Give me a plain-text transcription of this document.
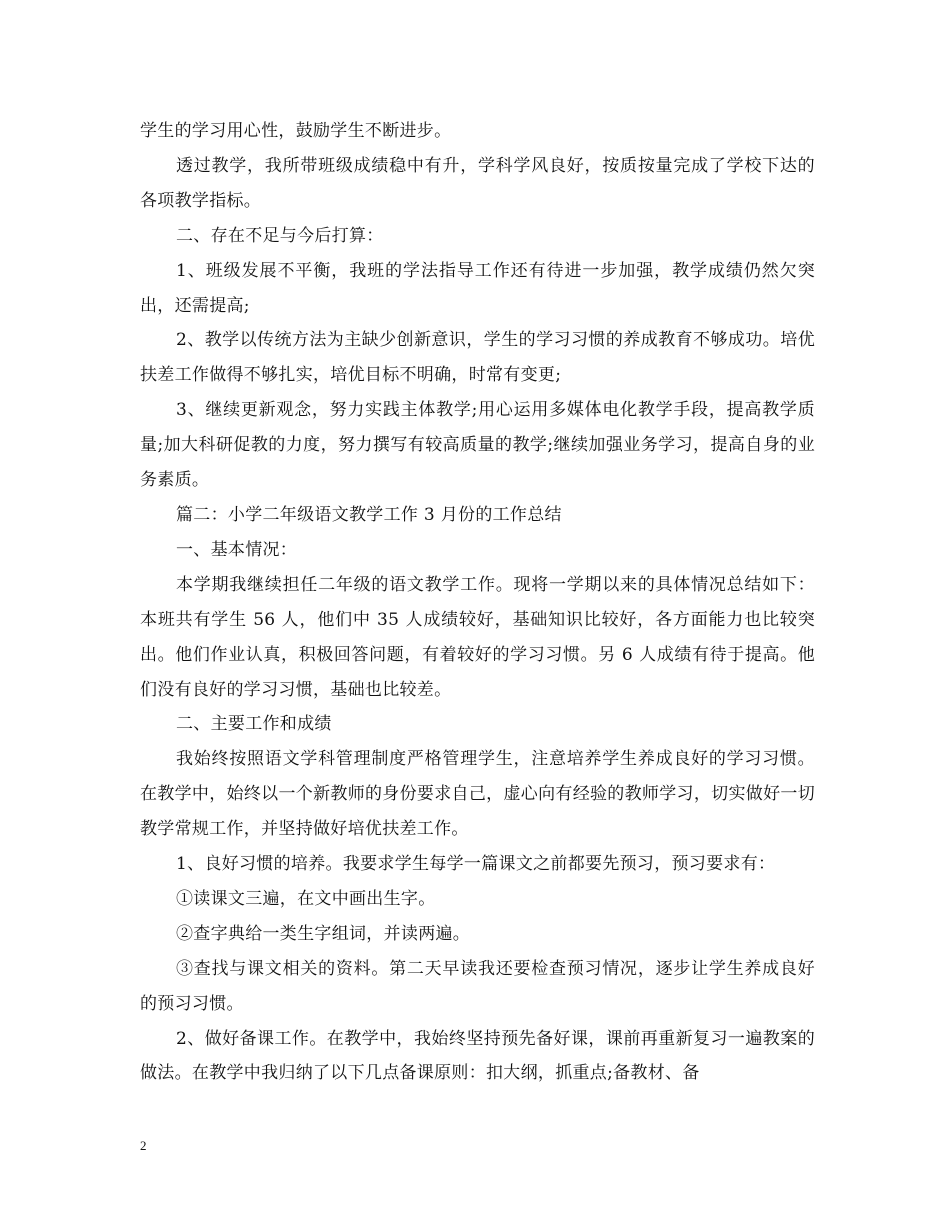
学生的学习用心性，鼓励学生不断进步。

透过教学，我所带班级成绩稳中有升，学科学风良好，按质按量完成了学校下达的各项教学指标。

二、存在不足与今后打算：

1、班级发展不平衡，我班的学法指导工作还有待进一步加强，教学成绩仍然欠突出，还需提高;

2、教学以传统方法为主缺少创新意识，学生的学习习惯的养成教育不够成功。培优扶差工作做得不够扎实，培优目标不明确，时常有变更;

3、继续更新观念，努力实践主体教学;用心运用多媒体电化教学手段，提高教学质量;加大科研促教的力度，努力撰写有较高质量的教学;继续加强业务学习，提高自身的业务素质。

篇二：小学二年级语文教学工作 3 月份的工作总结

一、基本情况：

本学期我继续担任二年级的语文教学工作。现将一学期以来的具体情况总结如下：本班共有学生 56 人，他们中 35 人成绩较好，基础知识比较好，各方面能力也比较突出。他们作业认真，积极回答问题，有着较好的学习习惯。另 6 人成绩有待于提高。他们没有良好的学习习惯，基础也比较差。

二、主要工作和成绩

我始终按照语文学科管理制度严格管理学生，注意培养学生养成良好的学习习惯。在教学中，始终以一个新教师的身份要求自己，虚心向有经验的教师学习，切实做好一切教学常规工作，并坚持做好培优扶差工作。

1、良好习惯的培养。我要求学生每学一篇课文之前都要先预习，预习要求有：

①读课文三遍，在文中画出生字。

②查字典给一类生字组词，并读两遍。

③查找与课文相关的资料。第二天早读我还要检查预习情况，逐步让学生养成良好的预习习惯。

2、做好备课工作。在教学中，我始终坚持预先备好课，课前再重新复习一遍教案的做法。在教学中我归纳了以下几点备课原则：扣大纲，抓重点;备教材、备

2
